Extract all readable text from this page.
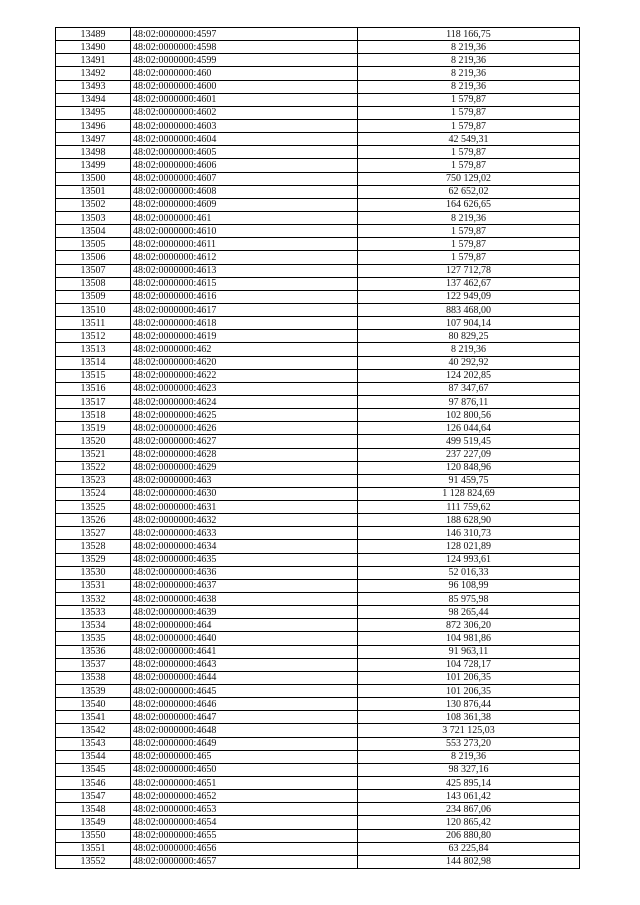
13489	48:02:0000000:4597	118 166,75
13490	48:02:0000000:4598	8 219,36
13491	48:02:0000000:4599	8 219,36
13492	48:02:0000000:460	8 219,36
13493	48:02:0000000:4600	8 219,36
13494	48:02:0000000:4601	1 579,87
13495	48:02:0000000:4602	1 579,87
13496	48:02:0000000:4603	1 579,87
13497	48:02:0000000:4604	42 549,31
13498	48:02:0000000:4605	1 579,87
13499	48:02:0000000:4606	1 579,87
13500	48:02:0000000:4607	750 129,02
13501	48:02:0000000:4608	62 652,02
13502	48:02:0000000:4609	164 626,65
13503	48:02:0000000:461	8 219,36
13504	48:02:0000000:4610	1 579,87
13505	48:02:0000000:4611	1 579,87
13506	48:02:0000000:4612	1 579,87
13507	48:02:0000000:4613	127 712,78
13508	48:02:0000000:4615	137 462,67
13509	48:02:0000000:4616	122 949,09
13510	48:02:0000000:4617	883 468,00
13511	48:02:0000000:4618	107 904,14
13512	48:02:0000000:4619	80 829,25
13513	48:02:0000000:462	8 219,36
13514	48:02:0000000:4620	40 292,92
13515	48:02:0000000:4622	124 202,85
13516	48:02:0000000:4623	87 347,67
13517	48:02:0000000:4624	97 876,11
13518	48:02:0000000:4625	102 800,56
13519	48:02:0000000:4626	126 044,64
13520	48:02:0000000:4627	499 519,45
13521	48:02:0000000:4628	237 227,09
13522	48:02:0000000:4629	120 848,96
13523	48:02:0000000:463	91 459,75
13524	48:02:0000000:4630	1 128 824,69
13525	48:02:0000000:4631	111 759,62
13526	48:02:0000000:4632	188 628,90
13527	48:02:0000000:4633	146 310,73
13528	48:02:0000000:4634	128 021,89
13529	48:02:0000000:4635	124 993,61
13530	48:02:0000000:4636	52 016,33
13531	48:02:0000000:4637	96 108,99
13532	48:02:0000000:4638	85 975,98
13533	48:02:0000000:4639	98 265,44
13534	48:02:0000000:464	872 306,20
13535	48:02:0000000:4640	104 981,86
13536	48:02:0000000:4641	91 963,11
13537	48:02:0000000:4643	104 728,17
13538	48:02:0000000:4644	101 206,35
13539	48:02:0000000:4645	101 206,35
13540	48:02:0000000:4646	130 876,44
13541	48:02:0000000:4647	108 361,38
13542	48:02:0000000:4648	3 721 125,03
13543	48:02:0000000:4649	553 273,20
13544	48:02:0000000:465	8 219,36
13545	48:02:0000000:4650	98 327,16
13546	48:02:0000000:4651	425 895,14
13547	48:02:0000000:4652	143 061,42
13548	48:02:0000000:4653	234 867,06
13549	48:02:0000000:4654	120 865,42
13550	48:02:0000000:4655	206 880,80
13551	48:02:0000000:4656	63 225,84
13552	48:02:0000000:4657	144 802,98
